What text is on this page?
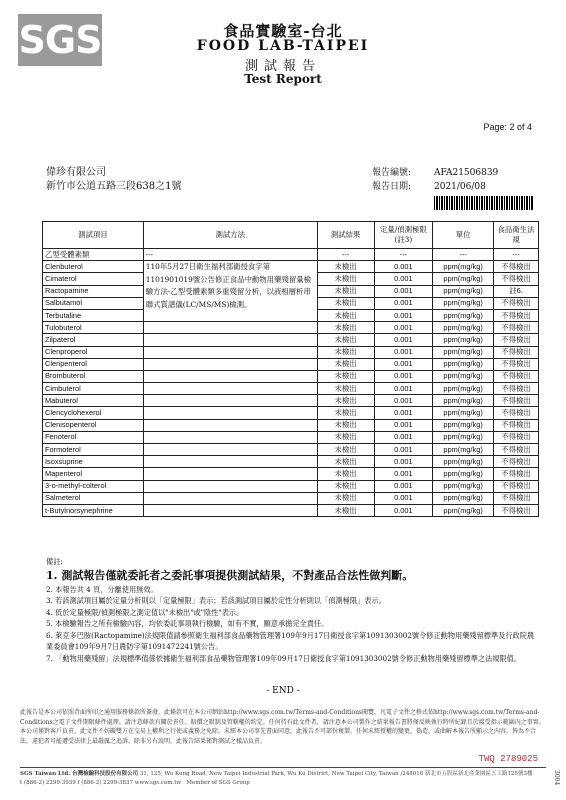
SGS	食品實驗室-台北
FOOD LAB-TAIPEI
測試報告
Test Report
Page: 2 of 4
偉珍有限公司
新竹市公道五路三段638之1號
報告編號:	AFA21506839
報告日期:	2021/06/08
測試項目	測試方法	測試結果	定量/偵測極限(註3)	單位	食品衛生法規
乙型受體素類	---	---	---	---	---
Clenbuterol	110年5月27日衛生福利部衛授食字第1101901019號公告修正食品中動物用藥殘留量檢驗方法-乙型受體素類多重殘留分析，以液相層析串聯式質譜儀(LC/MS/MS)檢測。	未檢出	0.001	ppm(mg/kg)	不得檢出
Cimaterol		未檢出	0.001	ppm(mg/kg)	不得檢出
Ractopamine		未檢出	0.001	ppm(mg/kg)	註6.
Salbutamol		未檢出	0.001	ppm(mg/kg)	不得檢出
Terbutaline		未檢出	0.001	ppm(mg/kg)	不得檢出
Tulobuterol		未檢出	0.001	ppm(mg/kg)	不得檢出
Zilpaterol		未檢出	0.001	ppm(mg/kg)	不得檢出
Clenproperol		未檢出	0.001	ppm(mg/kg)	不得檢出
Clenpenterol		未檢出	0.001	ppm(mg/kg)	不得檢出
Brombuterol		未檢出	0.001	ppm(mg/kg)	不得檢出
Cimbuterol		未檢出	0.001	ppm(mg/kg)	不得檢出
Mabuterol		未檢出	0.001	ppm(mg/kg)	不得檢出
Clencyclohexerol		未檢出	0.001	ppm(mg/kg)	不得檢出
Clenisopenterol		未檢出	0.001	ppm(mg/kg)	不得檢出
Fenoterol		未檢出	0.001	ppm(mg/kg)	不得檢出
Formoterol		未檢出	0.001	ppm(mg/kg)	不得檢出
Isoxsuprine		未檢出	0.001	ppm(mg/kg)	不得檢出
Mapenterol		未檢出	0.001	ppm(mg/kg)	不得檢出
3-o-methyl-colterol		未檢出	0.001	ppm(mg/kg)	不得檢出
Salmeterol		未檢出	0.001	ppm(mg/kg)	不得檢出
t-Butylnorsynephrine		未檢出	0.001	ppm(mg/kg)	不得檢出
備註:
1. 測試報告僅就委託者之委託事項提供測試結果，不對產品合法性做判斷。
2. 本報告共 4 頁，分離使用無效。
3. 若該測試項目屬於定量分析則以「定量極限」表示；若該測試項目屬於定性分析則以「偵測極限」表示。
4. 低於定量極限/偵測極限之測定值以"未檢出"或"陰性"表示。
5. 本檢驗報告之所有檢驗內容，均依委託事項執行檢驗，如有不實，願意承擔完全責任。
6. 萊克多巴胺(Ractopamine)法規限值請參照衛生福利部食品藥物管理署109年9月17日衛授食字第1091303002號令修正動物用藥殘留標準及行政院農業委員會109年9月7日農防字第1091472241號公告。
7. 「動物用藥殘留」法規標準值係依據衛生福利部食品藥物管理署109年09月17日衛授食字第1091303002號令修正動物用藥殘留標準之法規限值。
- END -
此報告是本公司依照背面所印之通用服務條款所簽發，此條款可在本公司網站http://www.sgs.com.tw/Terms-and-Conditions閱覽，凡電子文件之格式依http://www.sgs.com.tw/Terms-and-Conditions之電子文件期限條件處理。請注意條款有關於責任、賠償之限制及管轄權的約定。任何持有此文件者，請注意本公司製作之結果報告書將僅反映執行時所紀錄且於接受指示範圍內之事實。本公司僅對客戶負責，此文件不妨礙雙方在交易上權利之行使或義務之免除。未經本公司事先書面同意，此報告不可部份複製。任何未經授權的變更、偽造、或曲解本報告所顯示之內容，皆為不合法，違犯者可能遭受法律上最嚴厲之追訴。除非另有說明，此報告結果僅對測試之樣品負責。
SGS Taiwan Ltd. 台灣檢驗科技股份有限公司 31, 125, Wu Kung Road, New Taipei Industrial Park, Wu Ku District, New Taipei City, Taiwan /248016 新北市五股區新北產業園區五工路125號3樓
t (886-2) 2299-3939 f (886-2) 2299-3837 www.sgs.com.tw Member of SGS Group
TWQ 2789025
3004
